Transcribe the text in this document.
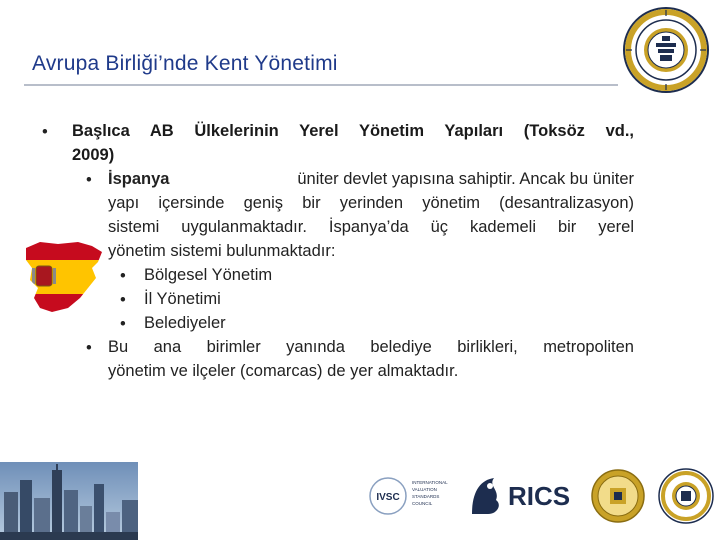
Avrupa Birliği’nde Kent Yönetimi
• Başlıca AB Ülkelerinin Yerel Yönetim Yapıları (Toksöz vd.,
2009)
• İspanya	üniter devlet yapısına sahiptir. Ancak bu üniter
yapı içersinde geniş bir yerinden yönetim (desantralizasyon)
sistemi uygulanmaktadır. İspanya’da üç kademeli bir yerel
yönetim sistemi bulunmaktadır:
• Bölgesel Yönetim
• İl Yönetimi
• Belediyeler
• Bu ana birimler yanında belediye birlikleri, metropoliten
yönetim ve ilçeler (comarcas) de yer almaktadır.
IVSC
INTERNATIONAL
VALUATION
STANDARDS
COUNCIL	RICS
